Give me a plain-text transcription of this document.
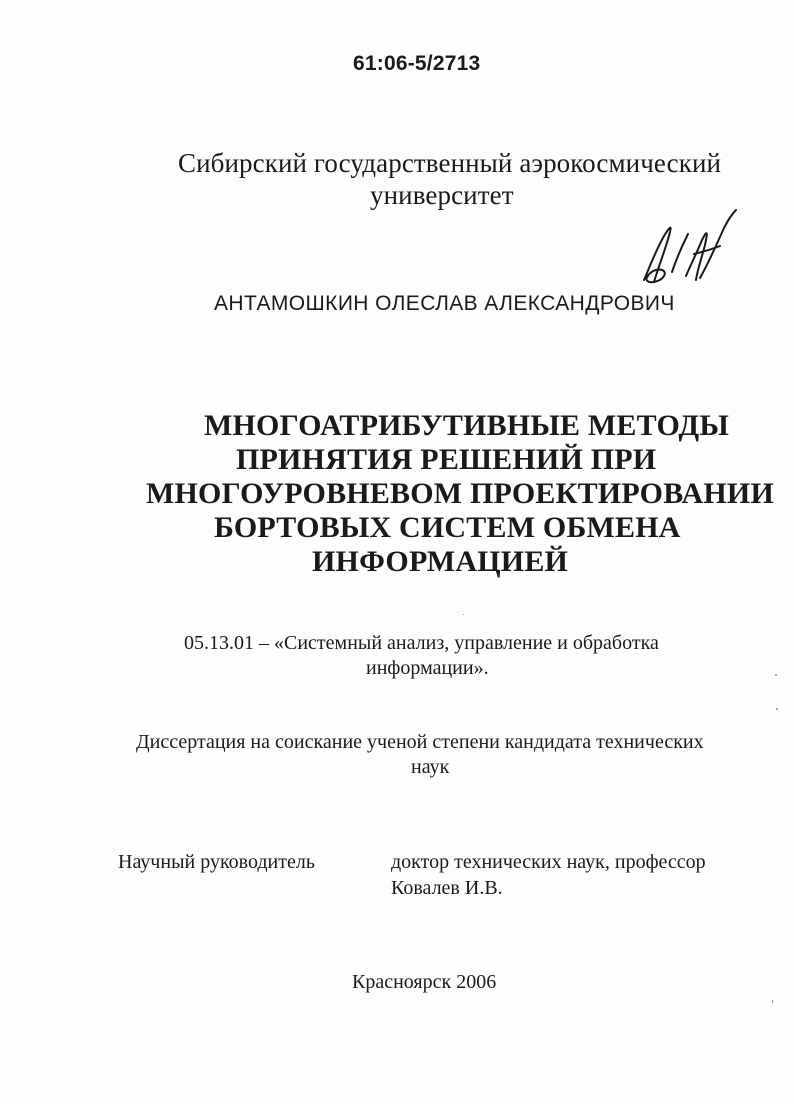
61:06-5/2713
Сибирский государственный аэрокосмический
университет
АНТАМОШКИН ОЛЕСЛАВ АЛЕКСАНДРОВИЧ
МНОГОАТРИБУТИВНЫЕ МЕТОДЫ
ПРИНЯТИЯ РЕШЕНИЙ ПРИ
МНОГОУРОВНЕВОМ ПРОЕКТИРОВАНИИ
БОРТОВЫХ СИСТЕМ ОБМЕНА
ИНФОРМАЦИЕЙ
05.13.01 – «Системный анализ, управление и обработка
информации».
Диссертация на соискание ученой степени кандидата технических
наук
Научный руководитель	доктор технических наук, профессор
Ковалев И.В.
Красноярск 2006
